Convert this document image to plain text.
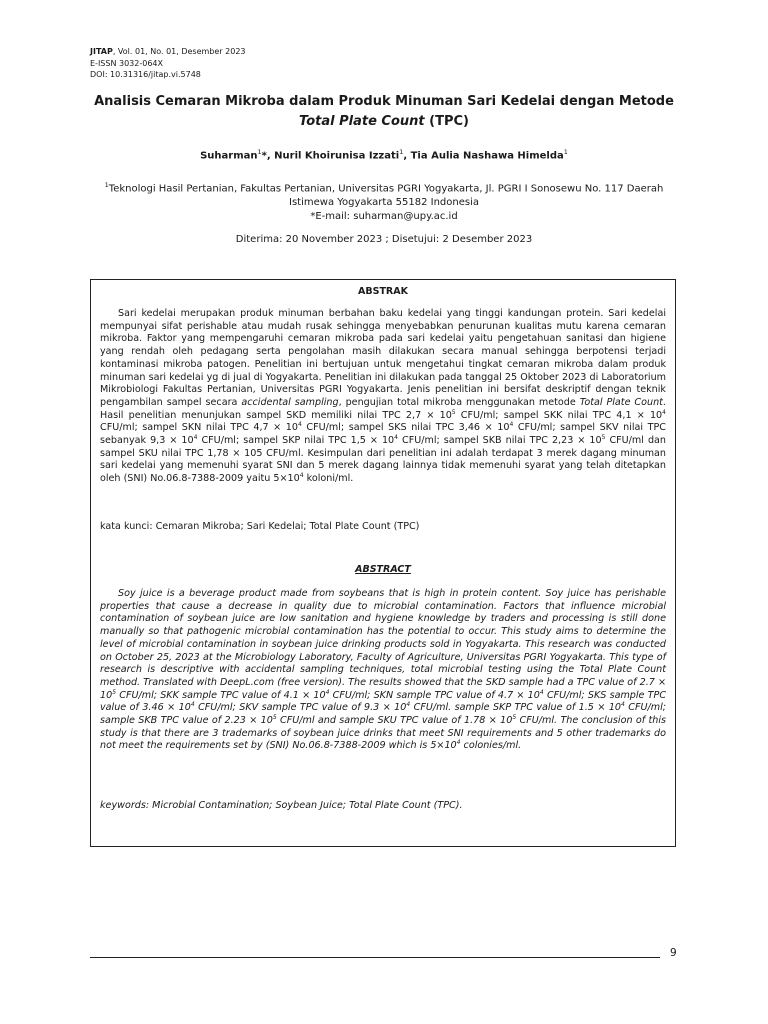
JITAP, Vol. 01, No. 01, Desember 2023
E-ISSN 3032-064X
DOI: 10.31316/jitap.vi.5748
Analisis Cemaran Mikroba dalam Produk Minuman Sari Kedelai dengan Metode Total Plate Count (TPC)
Suharman$^1$*, Nuril Khoirunisa Izzati$^1$, Tia Aulia Nashawa Himelda$^1$
$^1$Teknologi Hasil Pertanian, Fakultas Pertanian, Universitas PGRI Yogyakarta, Jl. PGRI I Sonosewu No. 117 Daerah
Istimewa Yogyakarta 55182 Indonesia
*E-mail: suharman@upy.ac.id
Diterima: 20 November 2023 ; Disetujui: 2 Desember 2023
ABSTRAK
Sari kedelai merupakan produk minuman berbahan baku kedelai yang tinggi kandungan protein. Sari kedelai mempunyai sifat perishable atau mudah rusak sehingga menyebabkan penurunan kualitas mutu karena cemaran mikroba. Faktor yang mempengaruhi cemaran mikroba pada sari kedelai yaitu pengetahuan sanitasi dan higiene yang rendah oleh pedagang serta pengolahan masih dilakukan secara manual sehingga berpotensi terjadi kontaminasi mikroba patogen. Penelitian ini bertujuan untuk mengetahui tingkat cemaran mikroba dalam produk minuman sari kedelai yg di jual di Yogyakarta. Penelitian ini dilakukan pada tanggal 25 Oktober 2023 di Laboratorium Mikrobiologi Fakultas Pertanian, Universitas PGRI Yogyakarta. Jenis penelitian ini bersifat deskriptif dengan teknik pengambilan sampel secara accidental sampling, pengujian total mikroba menggunakan metode Total Plate Count. Hasil penelitian menunjukan sampel SKD memiliki nilai TPC $2,7 \times 10^5$ CFU/ml; sampel SKK nilai TPC $4,1 \times 10^4$ CFU/ml; sampel SKN nilai TPC $4,7 \times 10^4$ CFU/ml; sampel SKS nilai TPC $3,46 \times 10^4$ CFU/ml; sampel SKV nilai TPC sebanyak $9,3 \times 10^4$ CFU/ml; sampel SKP nilai TPC $1,5 \times 10^4$ CFU/ml; sampel SKB nilai TPC $2,23 \times 10^5$ CFU/ml dan sampel SKU nilai TPC 1,78 × 105 CFU/ml. Kesimpulan dari penelitian ini adalah terdapat 3 merek dagang minuman sari kedelai yang memenuhi syarat SNI dan 5 merek dagang lainnya tidak memenuhi syarat yang telah ditetapkan oleh (SNI) No.06.8-7388-2009 yaitu $5\times 10^4$ koloni/ml.
kata kunci: Cemaran Mikroba; Sari Kedelai; Total Plate Count (TPC)
ABSTRACT
Soy juice is a beverage product made from soybeans that is high in protein content. Soy juice has perishable properties that cause a decrease in quality due to microbial contamination. Factors that influence microbial contamination of soybean juice are low sanitation and hygiene knowledge by traders and processing is still done manually so that pathogenic microbial contamination has the potential to occur. This study aims to determine the level of microbial contamination in soybean juice drinking products sold in Yogyakarta. This research was conducted on October 25, 2023 at the Microbiology Laboratory, Faculty of Agriculture, Universitas PGRI Yogyakarta. This type of research is descriptive with accidental sampling techniques, total microbial testing using the Total Plate Count method. Translated with DeepL.com (free version). The results showed that the SKD sample had a TPC value of $2.7 \times 10^5$ CFU/ml; SKK sample TPC value of $4.1 \times 10^4$ CFU/ml; SKN sample TPC value of $4.7 \times 10^4$ CFU/ml; SKS sample TPC value of $3.46 \times 10^4$ CFU/ml; SKV sample TPC value of $9.3 \times 10^4$ CFU/ml. sample SKP TPC value of $1.5 \times 10^4$ CFU/ml; sample SKB TPC value of $2.23 \times 10^5$ CFU/ml and sample SKU TPC value of $1.78 \times 10^5$ CFU/ml. The conclusion of this study is that there are 3 trademarks of soybean juice drinks that meet SNI requirements and 5 other trademarks do not meet the requirements set by (SNI) No.06.8-7388-2009 which is $5\times 10^4$ colonies/ml.
keywords: Microbial Contamination; Soybean Juice; Total Plate Count (TPC).
9
